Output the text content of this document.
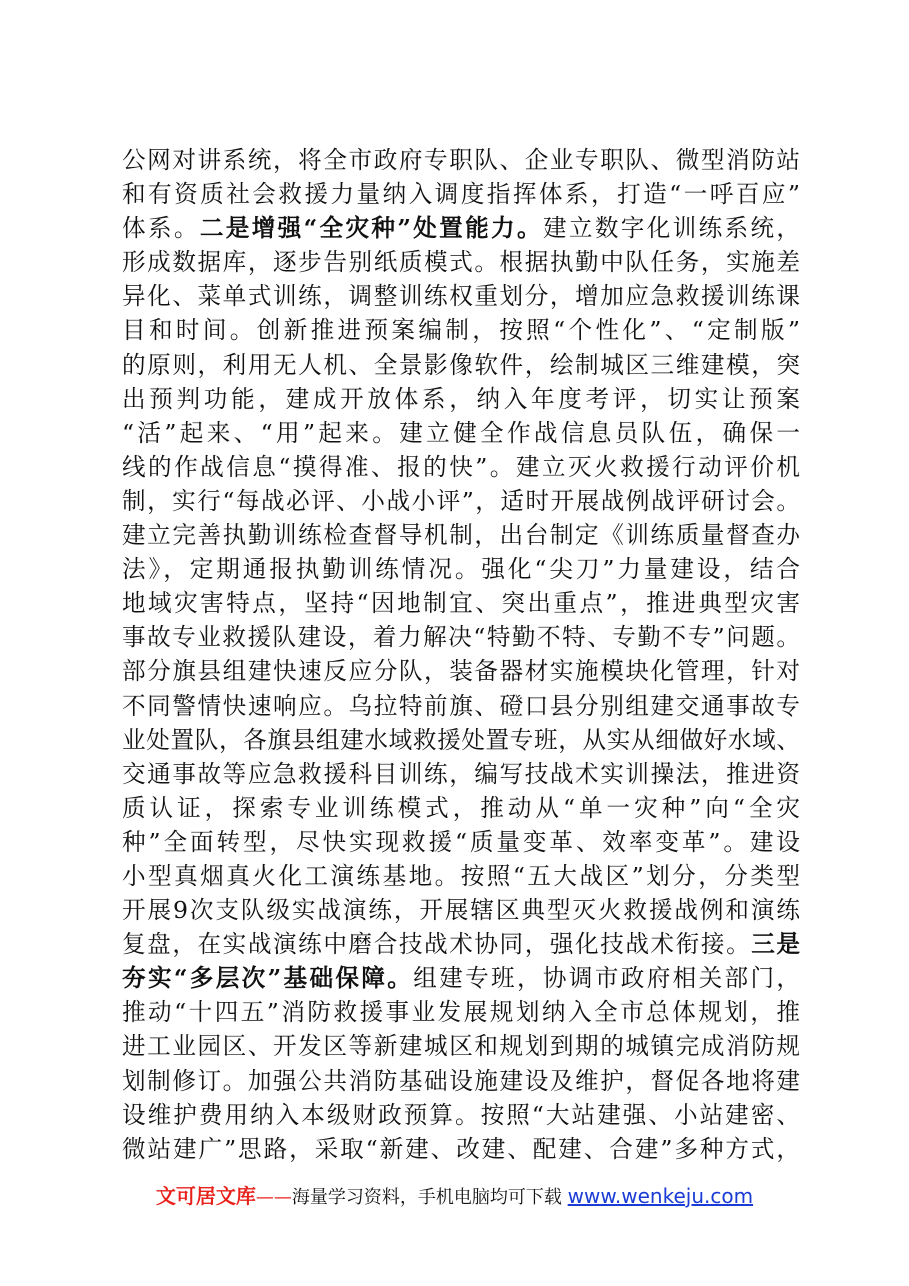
公网对讲系统，将全市政府专职队、企业专职队、微型消防站
和有资质社会救援力量纳入调度指挥体系，打造“一呼百应”
体系。二是增强“全灾种”处置能力。建立数字化训练系统，
形成数据库，逐步告别纸质模式。根据执勤中队任务，实施差
异化、菜单式训练，调整训练权重划分，增加应急救援训练课
目和时间。创新推进预案编制，按照“个性化”、“定制版”
的原则，利用无人机、全景影像软件，绘制城区三维建模，突
出预判功能，建成开放体系，纳入年度考评，切实让预案
“活”起来、“用”起来。建立健全作战信息员队伍，确保一
线的作战信息“摸得准、报的快”。建立灭火救援行动评价机
制，实行“每战必评、小战小评”，适时开展战例战评研讨会。
建立完善执勤训练检查督导机制，出台制定《训练质量督查办
法》，定期通报执勤训练情况。强化“尖刀”力量建设，结合
地域灾害特点，坚持“因地制宜、突出重点”，推进典型灾害
事故专业救援队建设，着力解决“特勤不特、专勤不专”问题。
部分旗县组建快速反应分队，装备器材实施模块化管理，针对
不同警情快速响应。乌拉特前旗、磴口县分别组建交通事故专
业处置队，各旗县组建水域救援处置专班，从实从细做好水域、
交通事故等应急救援科目训练，编写技战术实训操法，推进资
质认证，探索专业训练模式，推动从“单一灾种”向“全灾
种”全面转型，尽快实现救援“质量变革、效率变革”。建设
小型真烟真火化工演练基地。按照“五大战区”划分，分类型
开展9次支队级实战演练，开展辖区典型灭火救援战例和演练
复盘，在实战演练中磨合技战术协同，强化技战术衔接。三是
夯实“多层次”基础保障。组建专班，协调市政府相关部门，
推动“十四五”消防救援事业发展规划纳入全市总体规划，推
进工业园区、开发区等新建城区和规划到期的城镇完成消防规
划制修订。加强公共消防基础设施建设及维护，督促各地将建
设维护费用纳入本级财政预算。按照“大站建强、小站建密、
微站建广”思路，采取“新建、改建、配建、合建”多种方式，
文可居文库——海量学习资料，手机电脑均可下载 www.wenkeju.com
